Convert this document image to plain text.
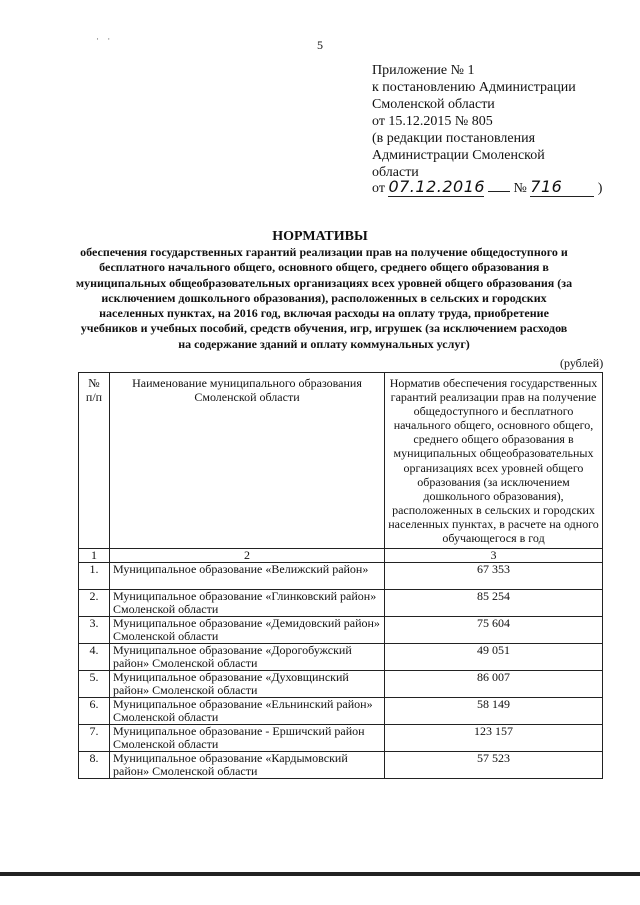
· ·	5
Приложение № 1
к постановлению Администрации
Смоленской области
от 15.12.2015 № 805
(в редакции постановления
Администрации Смоленской
области
от 07.12.2016 № 716	)
НОРМАТИВЫ
обеспечения государственных гарантий реализации прав на получение общедоступного и бесплатного начального общего, основного общего, среднего общего образования в муниципальных общеобразовательных организациях всех уровней общего образования (за исключением дошкольного образования), расположенных в сельских и городских населенных пунктах, на 2016 год, включая расходы на оплату труда, приобретение учебников и учебных пособий, средств обучения, игр, игрушек (за исключением расходов на содержание зданий и оплату коммунальных услуг)
(рублей)
№ п/п	Наименование муниципального образования Смоленской области	Норматив обеспечения государственных гарантий реализации прав на получение общедоступного и бесплатного начального общего, основного общего, среднего общего образования в муниципальных общеобразовательных организациях всех уровней общего образования (за исключением дошкольного образования), расположенных в сельских и городских населенных пунктах, в расчете на одного обучающегося в год
1	2	3
1.	Муниципальное образование «Велижский район»	67 353
2.	Муниципальное образование «Глинковский район» Смоленской области	85 254
3.	Муниципальное образование «Демидовский район» Смоленской области	75 604
4.	Муниципальное образование «Дорогобужский район» Смоленской области	49 051
5.	Муниципальное образование «Духовщинский район» Смоленской области	86 007
6.	Муниципальное образование «Ельнинский район» Смоленской области	58 149
7.	Муниципальное образование - Ершичский район Смоленской области	123 157
8.	Муниципальное образование «Кардымовский район» Смоленской области	57 523
